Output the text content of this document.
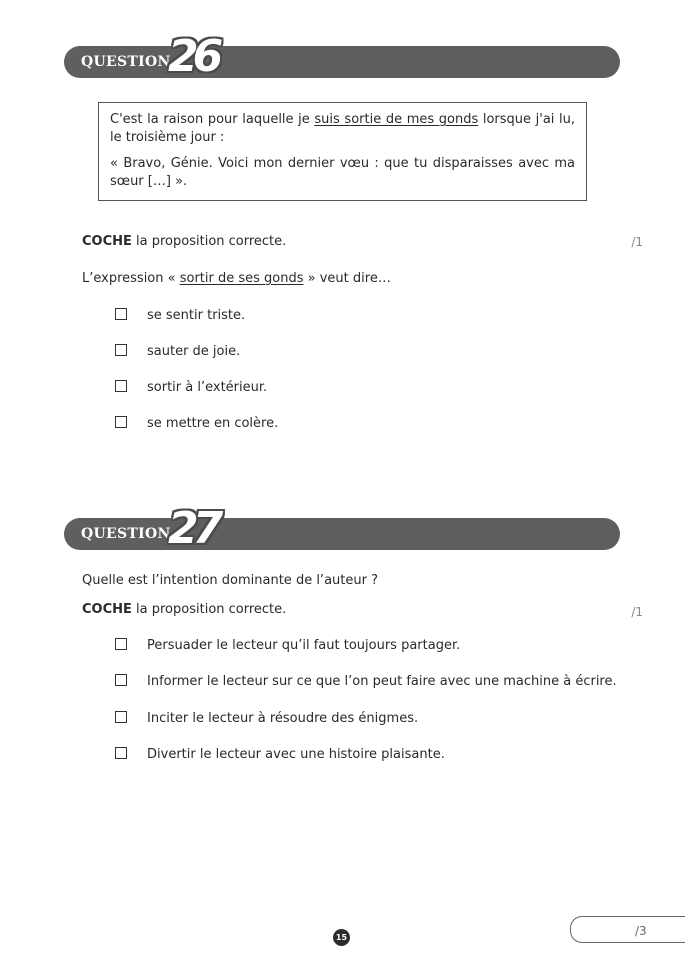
QUESTION
26

C'est la raison pour laquelle je suis sortie de mes gonds lorsque j'ai lu, le troisième jour :

« Bravo, Génie. Voici mon dernier vœu : que tu disparaisses avec ma sœur […] ».

COCHE la proposition correcte.	/1
L’expression « sortir de ses gonds » veut dire…
se sentir triste.
sauter de joie.
sortir à l’extérieur.
se mettre en colère.
QUESTION
27
Quelle est l’intention dominante de l’auteur ?
COCHE la proposition correcte.	/1
Persuader le lecteur qu’il faut toujours partager.
Informer le lecteur sur ce que l’on peut faire avec une machine à écrire.
Inciter le lecteur à résoudre des énigmes.
Divertir le lecteur avec une histoire plaisante.
/3
15
